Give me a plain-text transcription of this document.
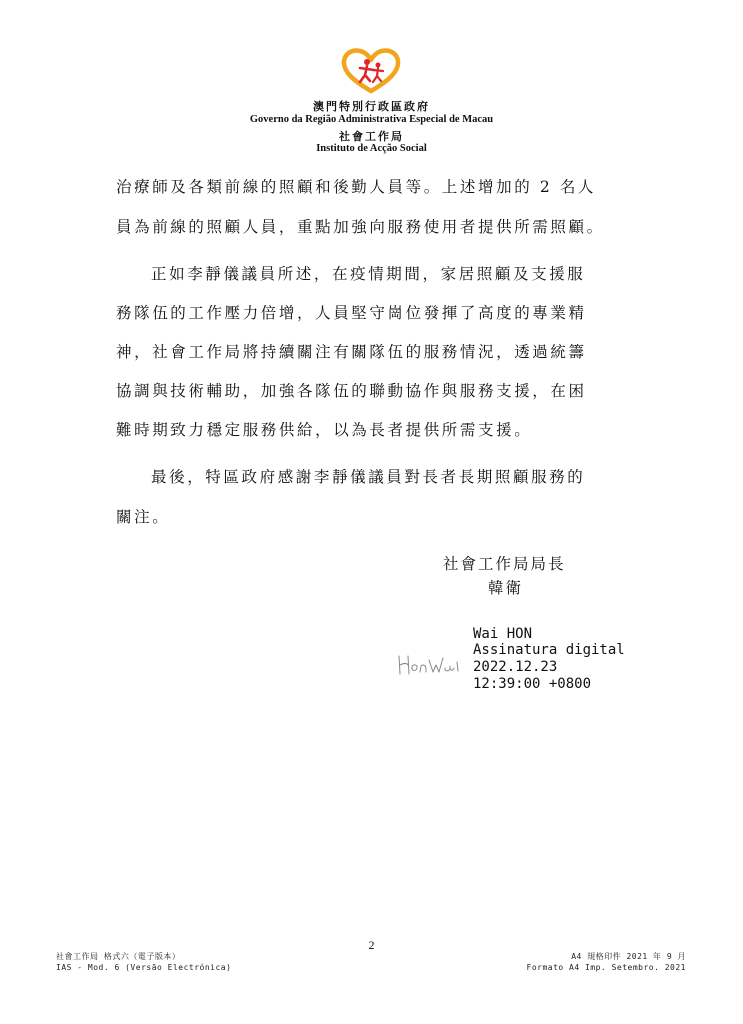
澳門特別行政區政府
Governo da Região Administrativa Especial de Macau
社會工作局
Instituto de Acção Social
治療師及各類前線的照顧和後勤人員等。上述增加的 2 名人
員為前線的照顧人員，重點加強向服務使用者提供所需照顧。
正如李靜儀議員所述，在疫情期間，家居照顧及支援服
務隊伍的工作壓力倍增，人員堅守崗位發揮了高度的專業精
神，社會工作局將持續關注有關隊伍的服務情況，透過統籌
協調與技術輔助，加強各隊伍的聯動協作與服務支援，在困
難時期致力穩定服務供給，以為長者提供所需支援。
最後，特區政府感謝李靜儀議員對長者長期照顧服務的
關注。
社會工作局局長
韓衛
Wai HON
Assinatura digital
2022.12.23
12:39:00 +0800
2
社會工作局 格式六（電子版本）
IAS - Mod. 6 (Versão Electrónica)
A4 規格印件 2021 年 9 月
Formato A4 Imp. Setembro. 2021
